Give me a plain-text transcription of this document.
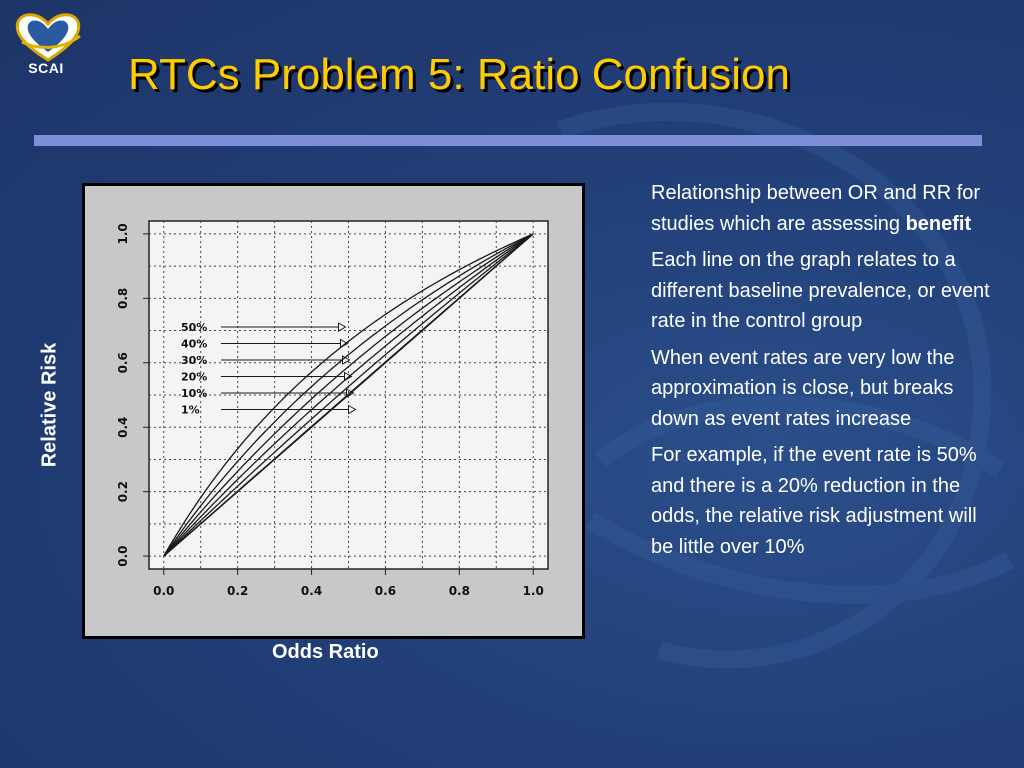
SCAI	RTCs Problem 5: Ratio Confusion
0.0	0.2	0.4	0.6	0.8	1.0
0.0
0.2
0.4
0.6
0.8
1.0
50%
40%
30%
20%
10%
1%
Relative Risk
Odds Ratio

Relationship between OR and RR for studies which are assessing benefit

Each line on the graph relates to a different baseline prevalence, or event rate in the control group

When event rates are very low the approximation is close, but breaks down as event rates increase

For example, if the event rate is 50% and there is a 20% reduction in the odds, the relative risk adjustment will be little over 10%
